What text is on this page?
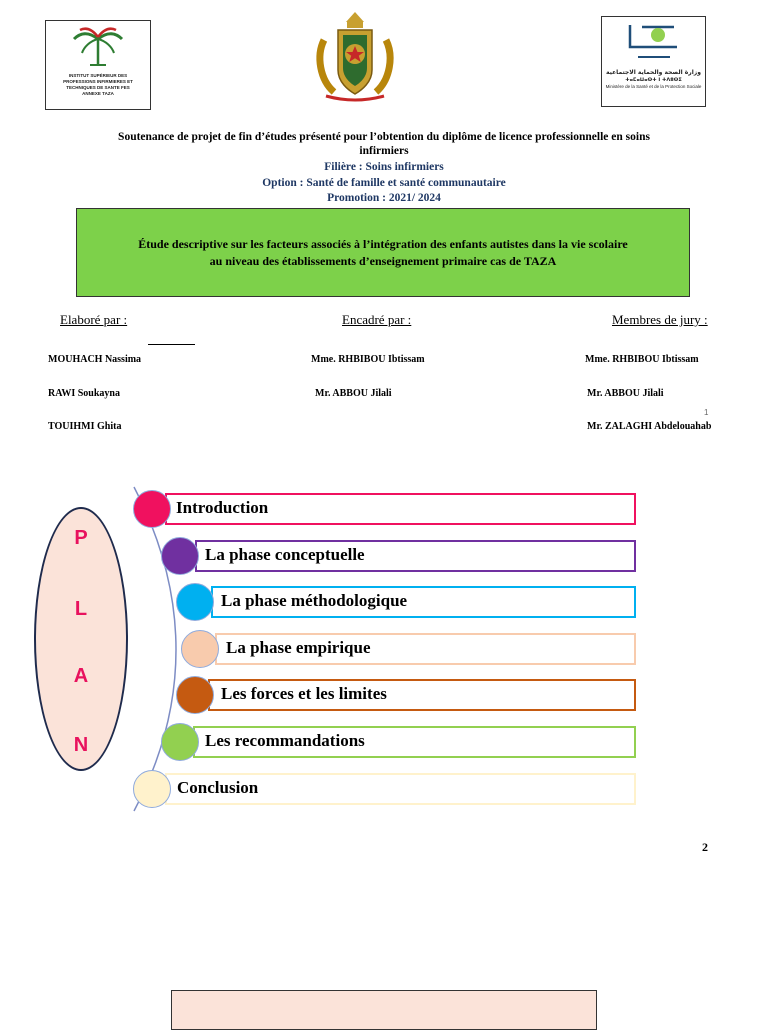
INSTITUT SUPÉRIEUR DES PROFESSIONS INFIRMIERES ET TECHNIQUES DE SANTE FES ANNEXE TAZA
وزارة الصحة والحماية الاجتماعية
ⵜⴰⵎⴰⵡⴰⵙⵜ ⵏ ⵜⴷⵓⵙⵉ
Ministère de la Santé et de la Protection Sociale
Soutenance de projet de fin d’études présenté pour l’obtention du diplôme de licence professionnelle en soins
infirmiers
Filière : Soins infirmiers
Option : Santé de famille et santé communautaire
Promotion : 2021/ 2024
Étude descriptive sur les facteurs associés à l’intégration des enfants autistes dans la vie scolaire
au niveau des établissements d’enseignement primaire cas de TAZA
Elaboré par :	Encadré par :	Membres de jury :
MOUHACH Nassima
RAWI Soukayna
TOUIHMI Ghita
Mme. RHBIBOU Ibtissam
Mr. ABBOU Jilali
Mme. RHBIBOU Ibtissam
Mr. ABBOU Jilali
Mr. ZALAGHI Abdelouahab
1
P
L
A
N
Introduction
La phase conceptuelle
La phase méthodologique
La phase empirique
Les forces et les limites
Les recommandations
Conclusion
2
